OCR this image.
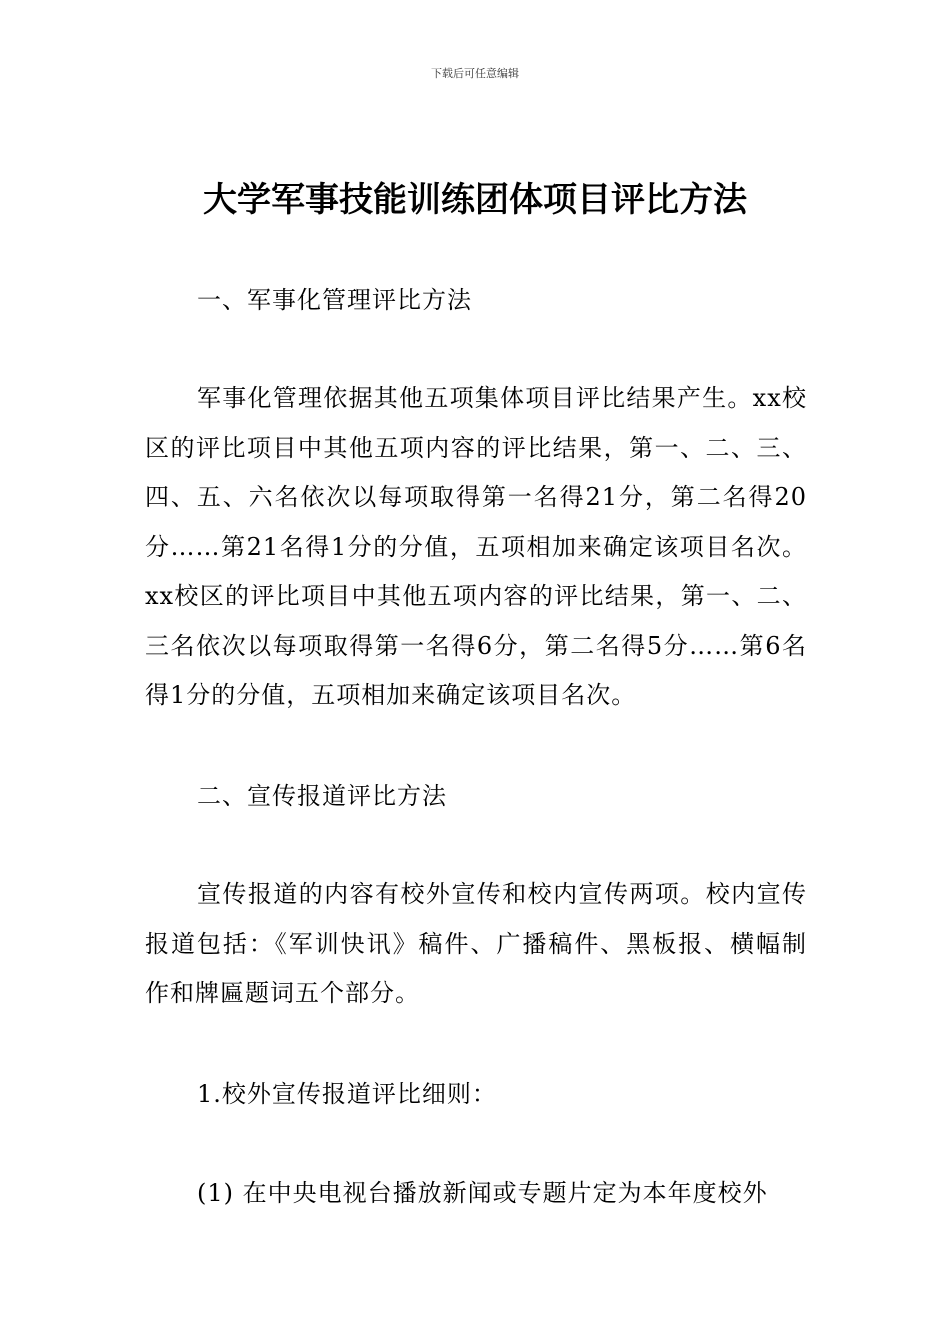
下载后可任意编辑
大学军事技能训练团体项目评比方法

一、军事化管理评比方法

军事化管理依据其他五项集体项目评比结果产生。xx校区的评比项目中其他五项内容的评比结果，第一、二、三、四、五、六名依次以每项取得第一名得21分，第二名得20分……第21名得1分的分值，五项相加来确定该项目名次。xx校区的评比项目中其他五项内容的评比结果，第一、二、三名依次以每项取得第一名得6分，第二名得5分……第6名得1分的分值，五项相加来确定该项目名次。

二、宣传报道评比方法

宣传报道的内容有校外宣传和校内宣传两项。校内宣传报道包括：《军训快讯》稿件、广播稿件、黑板报、横幅制作和牌匾题词五个部分。

1.校外宣传报道评比细则：

(1) 在中央电视台播放新闻或专题片定为本年度校外
